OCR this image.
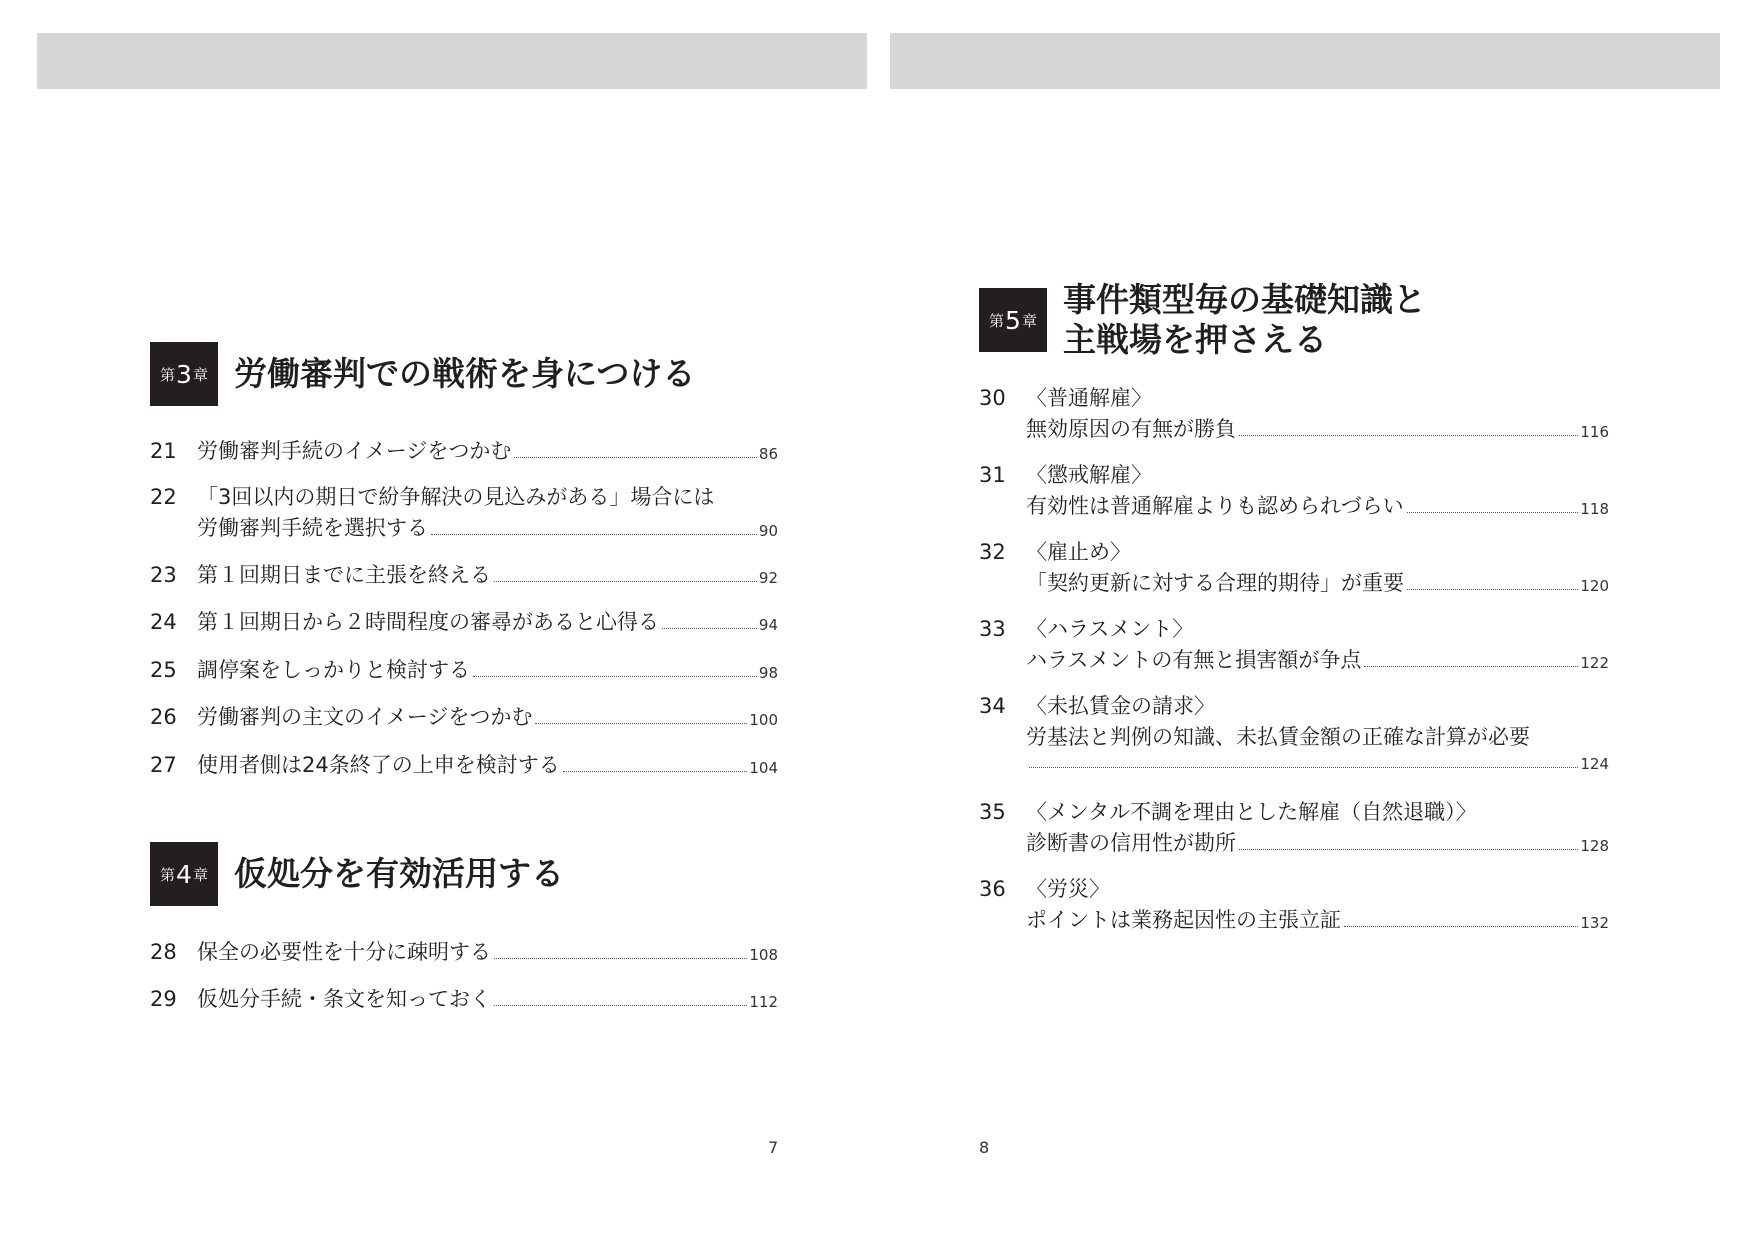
第 3 章 労働審判での戦術を身につける
21 労働審判手続のイメージをつかむ	86
22 「3回以内の期日で紛争解決の見込みがある」場合には
労働審判手続を選択する	90
23 第１回期日までに主張を終える	92
24 第１回期日から２時間程度の審尋があると心得る	94
25 調停案をしっかりと検討する	98
26 労働審判の主文のイメージをつかむ	100
27 使用者側は24条終了の上申を検討する	104
第 4 章 仮処分を有効活用する
28 保全の必要性を十分に疎明する	108
29 仮処分手続・条文を知っておく	112
7
第 5 章
事件類型毎の基礎知識と
主戦場を押さえる
30 〈普通解雇〉
無効原因の有無が勝負	116
31 〈懲戒解雇〉
有効性は普通解雇よりも認められづらい	118
32 〈雇止め〉
「契約更新に対する合理的期待」が重要	120
33 〈ハラスメント〉
ハラスメントの有無と損害額が争点	122
34 〈未払賃金の請求〉
労基法と判例の知識、未払賃金額の正確な計算が必要
124
35 〈メンタル不調を理由とした解雇（自然退職）〉
診断書の信用性が勘所	128
36 〈労災〉
ポイントは業務起因性の主張立証	132
8
